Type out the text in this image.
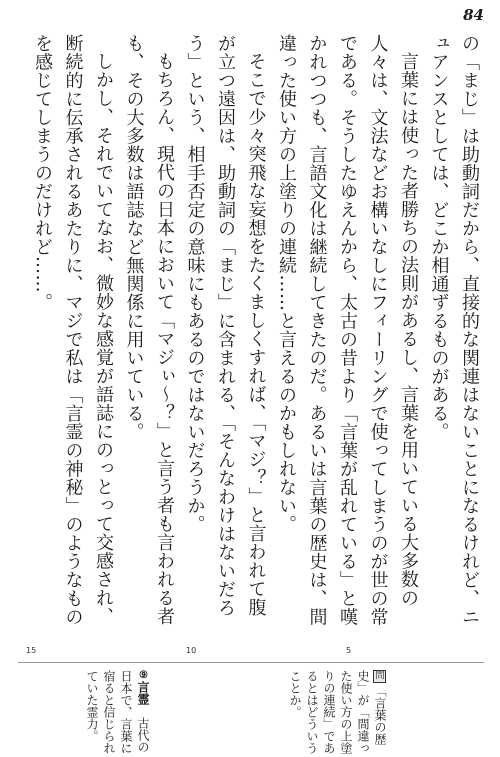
84

の「まじ」は助動詞だから、直接的な関連はないことになるけれど、ニュアンスとしては、どこか相通ずるものがある。

言葉には使った者勝ちの法則があるし、言葉を用いている大多数の人々は、文法などお構いなしにフィーリングで使ってしまうのが世の常である。そうしたゆえんから、太古の昔より「言葉が乱れている」と嘆かれつつも、言語文化は継続してきたのだ。あるいは言葉の歴史は、間違った使い方の上塗りの連続……と言えるのかもしれない。

そこで少々突飛な妄想をたくましくすれば、「マジ？」と言われて腹が立つ遠因は、助動詞の「まじ」に含まれる、「そんなわけはないだろう」という、相手否定の意味にもあるのではないだろうか。

もちろん、現代の日本において「マジぃ〜？」と言う者も言われる者も、その大多数は語誌など無関係に用いている。

しかし、それでいてなお、微妙な感覚が語誌にのっとって交感され、断続的に伝承されるあたりに、マジで私は「言霊の神秘」のようなものを感じてしまうのだけれど……。

5
10
15
問「言葉の歴史」が「間違った使い方の上塗りの連続」であるとはどういうことか。
⑨言霊　古代の日本で、言葉に宿ると信じられていた霊力。
